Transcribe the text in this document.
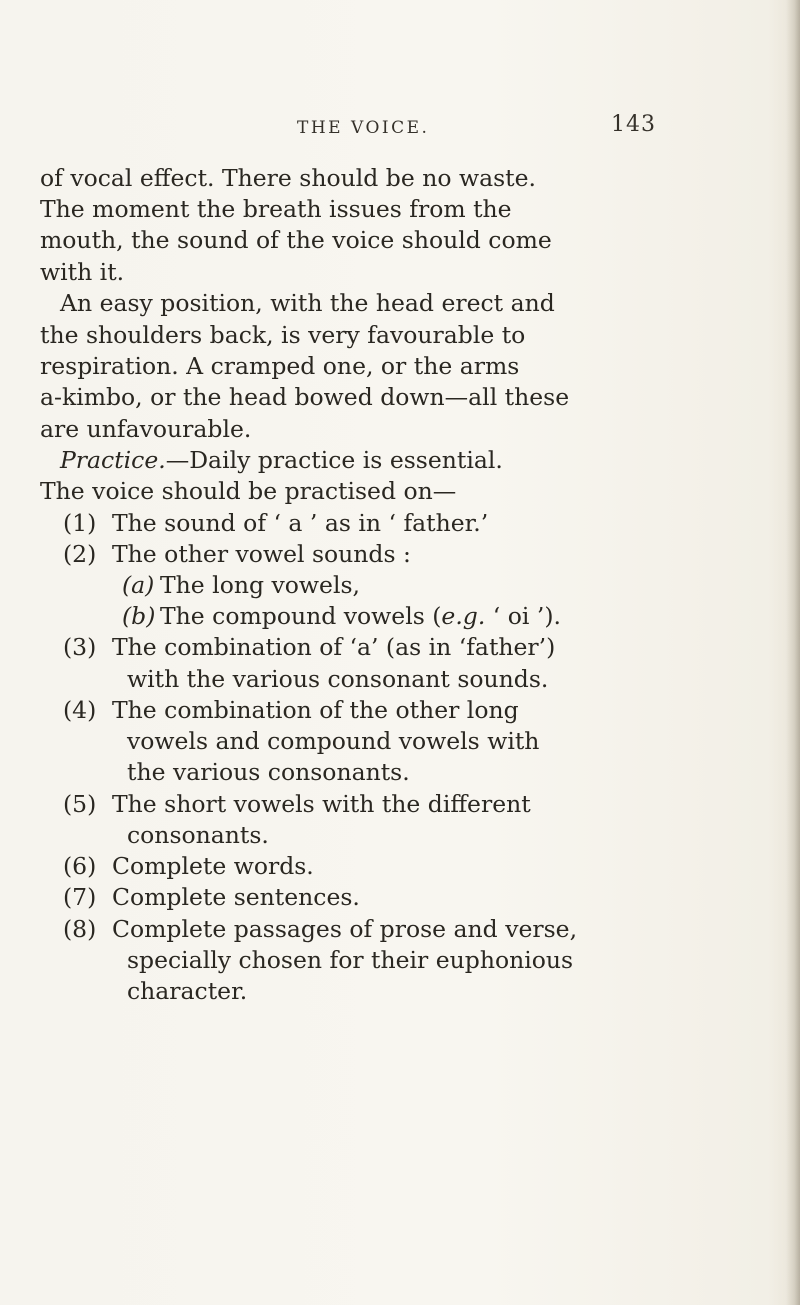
THE VOICE.	143
of vocal effect. There should be no waste.
The moment the breath issues from the
mouth, the sound of the voice should come
with it.
An easy position, with the head erect and
the shoulders back, is very favourable to
respiration. A cramped one, or the arms
a-kimbo, or the head bowed down—all these
are unfavourable.
Practice.—Daily practice is essential.
The voice should be practised on—
(1) The sound of ‘ a ’ as in ‘ father.’
(2) The other vowel sounds :
(a) The long vowels,
(b) The compound vowels (e.g. ‘ oi ’).
(3) The combination of ‘a’ (as in ‘father’)
with the various consonant sounds.
(4) The combination of the other long
vowels and compound vowels with
the various consonants.
(5) The short vowels with the different
consonants.
(6) Complete words.
(7) Complete sentences.
(8) Complete passages of prose and verse,
specially chosen for their euphonious
character.
